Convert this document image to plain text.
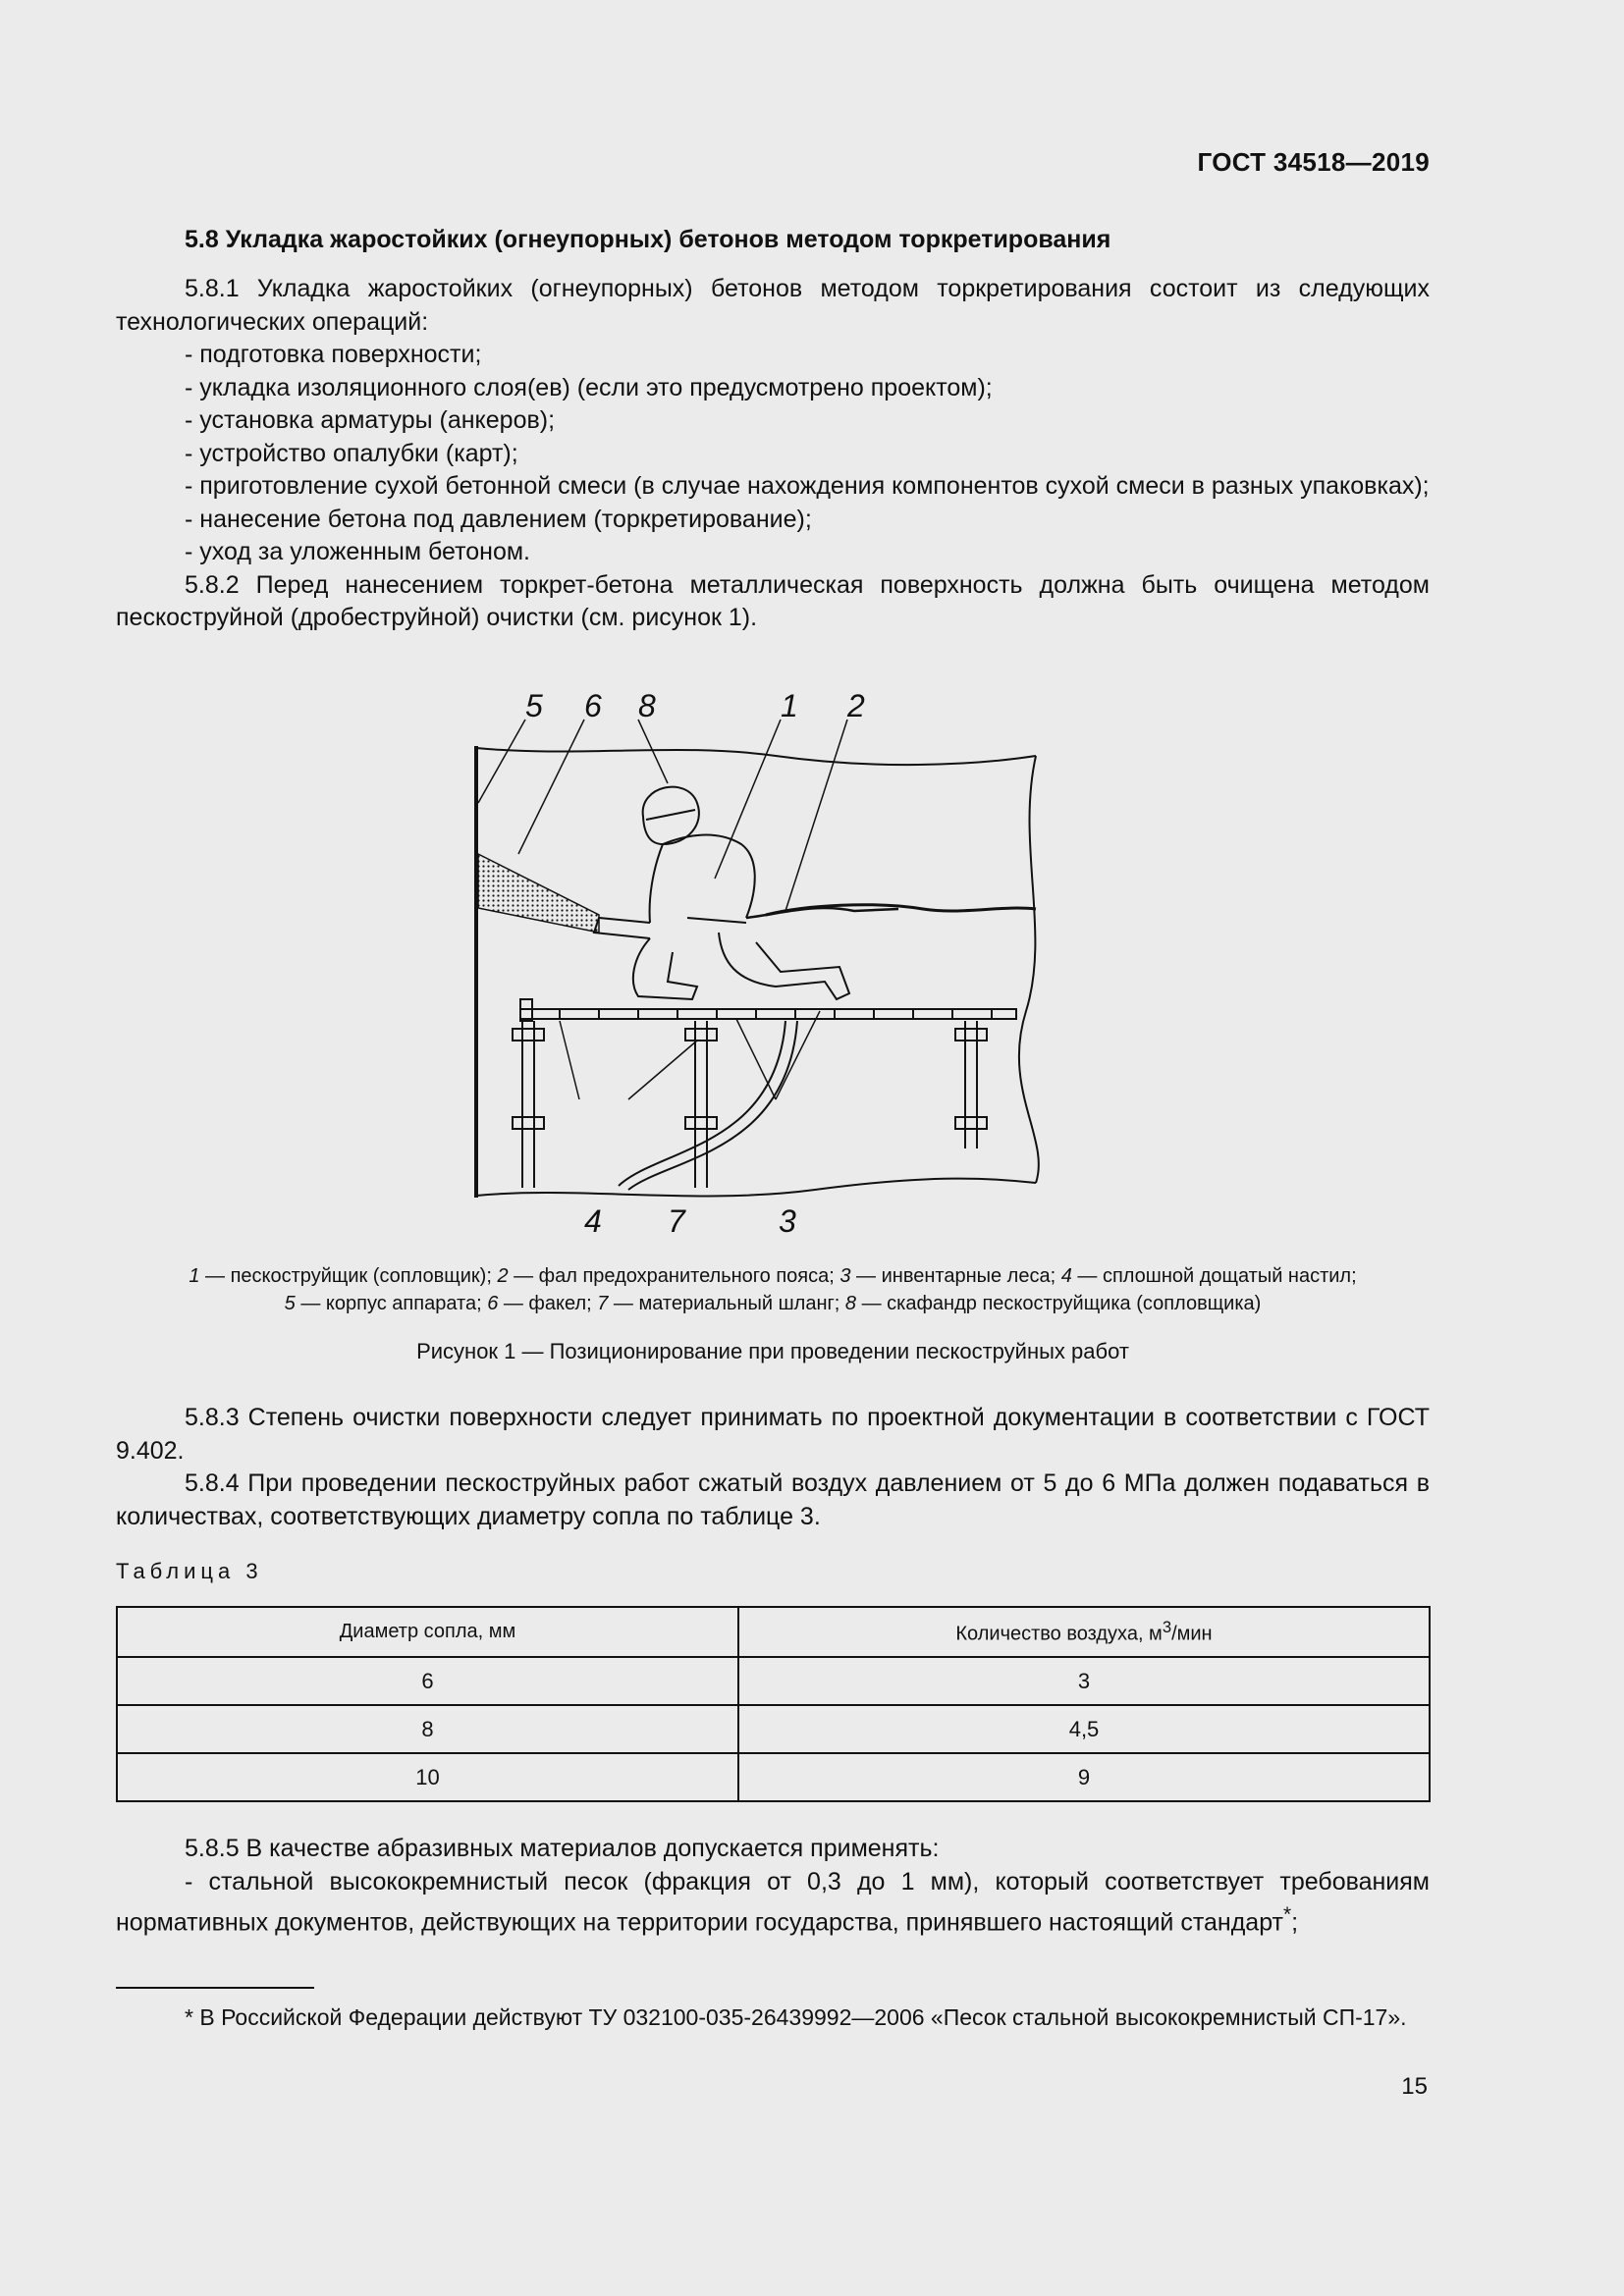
ГОСТ 34518—2019
5.8 Укладка жаростойких (огнеупорных) бетонов методом торкретирования

5.8.1 Укладка жаростойких (огнеупорных) бетонов методом торкретирования состоит из следующих технологических операций:

- подготовка поверхности;

- укладка изоляционного слоя(ев) (если это предусмотрено проектом);

- установка арматуры (анкеров);

- устройство опалубки (карт);

- приготовление сухой бетонной смеси (в случае нахождения компонентов сухой смеси в разных упаковках);

- нанесение бетона под давлением (торкретирование);

- уход за уложенным бетоном.

5.8.2 Перед нанесением торкрет-бетона металлическая поверхность должна быть очищена методом пескоструйной (дробеструйной) очистки (см. рисунок 1).

5 6 8	1 2
4 7	3

1 — пескоструйщик (сопловщик); 2 — фал предохранительного пояса; 3 — инвентарные леса; 4 — сплошной дощатый настил;

5 — корпус аппарата; 6 — факел; 7 — материальный шланг; 8 — скафандр пескоструйщика (сопловщика)

Рисунок 1 — Позиционирование при проведении пескоструйных работ

5.8.3 Степень очистки поверхности следует принимать по проектной документации в соответствии с ГОСТ 9.402.

5.8.4 При проведении пескоструйных работ сжатый воздух давлением от 5 до 6 МПа должен подаваться в количествах, соответствующих диаметру сопла по таблице 3.

Таблица 3
Диаметр сопла, мм	Количество воздуха, $м^3$/мин
6	3
8	4,5
10	9

5.8.5 В качестве абразивных материалов допускается применять:

- стальной высококремнистый песок (фракция от 0,3 до 1 мм), который соответствует требованиям нормативных документов, действующих на территории государства, принявшего настоящий стандарт*;

* В Российской Федерации действуют ТУ 032100-035-26439992—2006 «Песок стальной высококремнистый СП-17».

15
